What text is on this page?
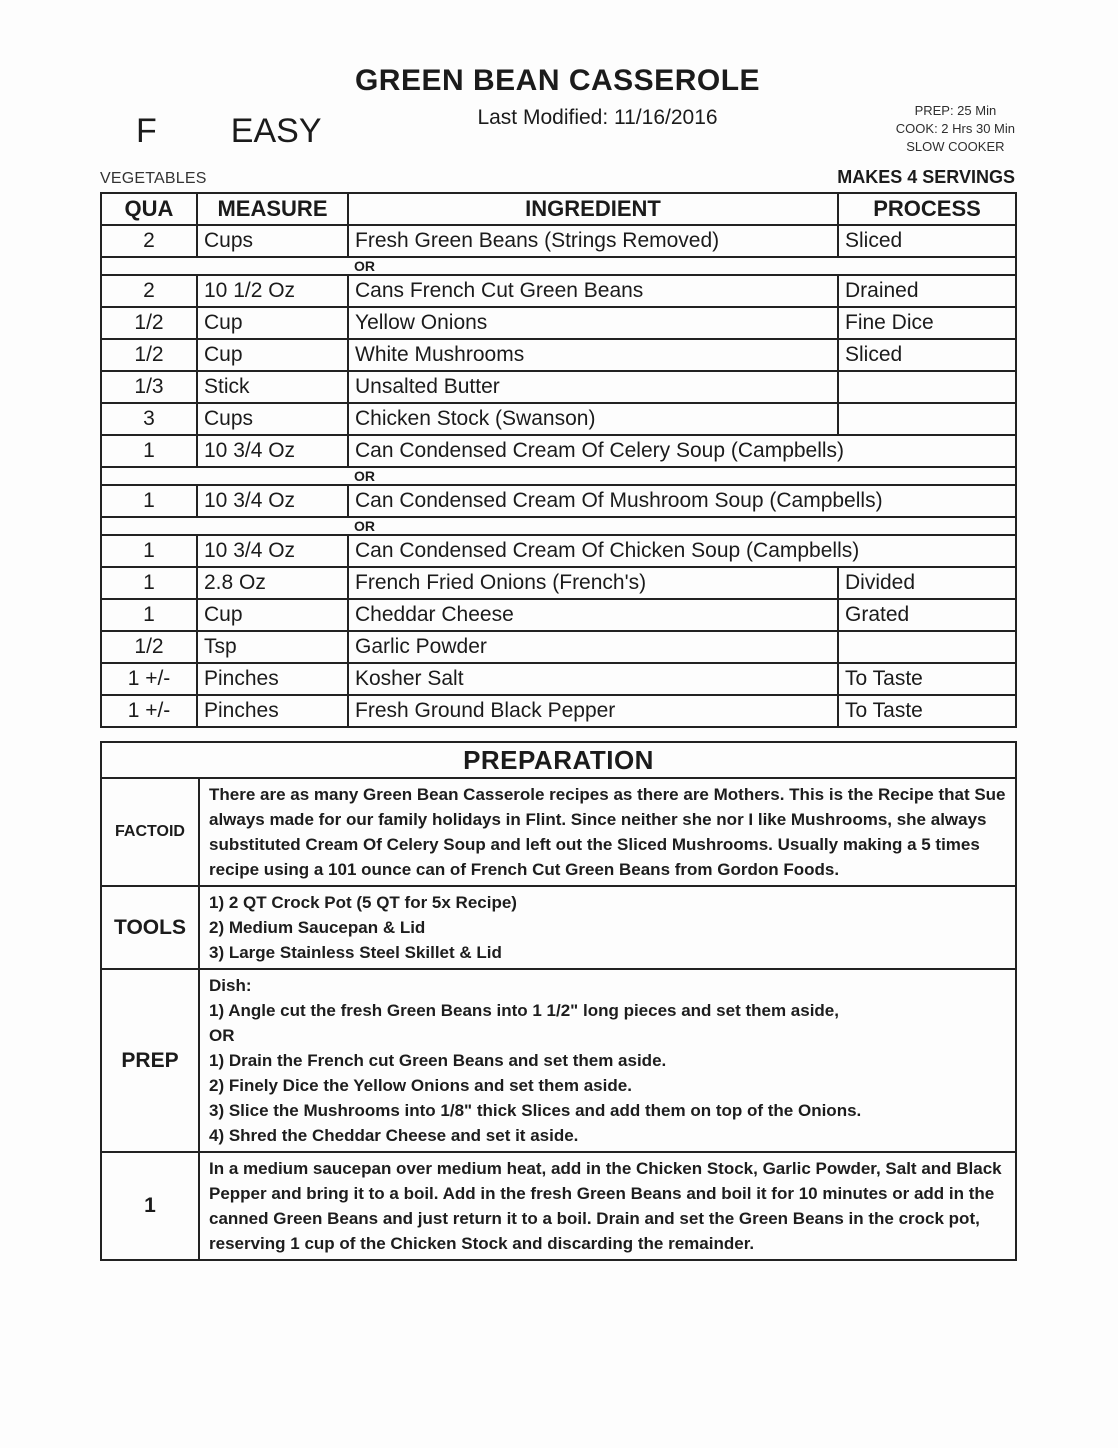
GREEN BEAN CASSEROLE
Last Modified: 11/16/2016
F EASY
PREP: 25 Min
COOK: 2 Hrs 30 Min
SLOW COOKER
VEGETABLES	MAKES 4 SERVINGS
QUA	MEASURE	INGREDIENT	PROCESS
2	Cups	Fresh Green Beans (Strings Removed)	Sliced
OR			
2	10 1/2 Oz	Cans French Cut Green Beans	Drained
1/2	Cup	Yellow Onions	Fine Dice
1/2	Cup	White Mushrooms	Sliced
1/3	Stick	Unsalted Butter	
3	Cups	Chicken Stock (Swanson)	
1	10 3/4 Oz	Can Condensed Cream Of Celery Soup (Campbells)	
OR			
1	10 3/4 Oz	Can Condensed Cream Of Mushroom Soup (Campbells)	
OR			
1	10 3/4 Oz	Can Condensed Cream Of Chicken Soup (Campbells)	
1	2.8 Oz	French Fried Onions (French's)	Divided
1	Cup	Cheddar Cheese	Grated
1/2	Tsp	Garlic Powder	
1 +/-	Pinches	Kosher Salt	To Taste
1 +/-	Pinches	Fresh Ground Black Pepper	To Taste
PREPARATION	
FACTOID	There are as many Green Bean Casserole recipes as there are Mothers. This is the Recipe that Sue always made for our family holidays in Flint. Since neither she nor I like Mushrooms, she always substituted Cream Of Celery Soup and left out the Sliced Mushrooms. Usually making a 5 times recipe using a 101 ounce can of French Cut Green Beans from Gordon Foods.
TOOLS	1) 2 QT Crock Pot (5 QT for 5x Recipe)
2) Medium Saucepan & Lid
3) Large Stainless Steel Skillet & Lid

PREP	
Dish:
1) Angle cut the fresh Green Beans into 1 1/2" long pieces and set them aside,
OR
1) Drain the French cut Green Beans and set them aside.
2) Finely Dice the Yellow Onions and set them aside.
3) Slice the Mushrooms into 1/8" thick Slices and add them on top of the Onions.
4) Shred the Cheddar Cheese and set it aside.

1	In a medium saucepan over medium heat, add in the Chicken Stock, Garlic Powder, Salt and Black Pepper and bring it to a boil. Add in the fresh Green Beans and boil it for 10 minutes or add in the canned Green Beans and just return it to a boil. Drain and set the Green Beans in the crock pot, reserving 1 cup of the Chicken Stock and discarding the remainder.
